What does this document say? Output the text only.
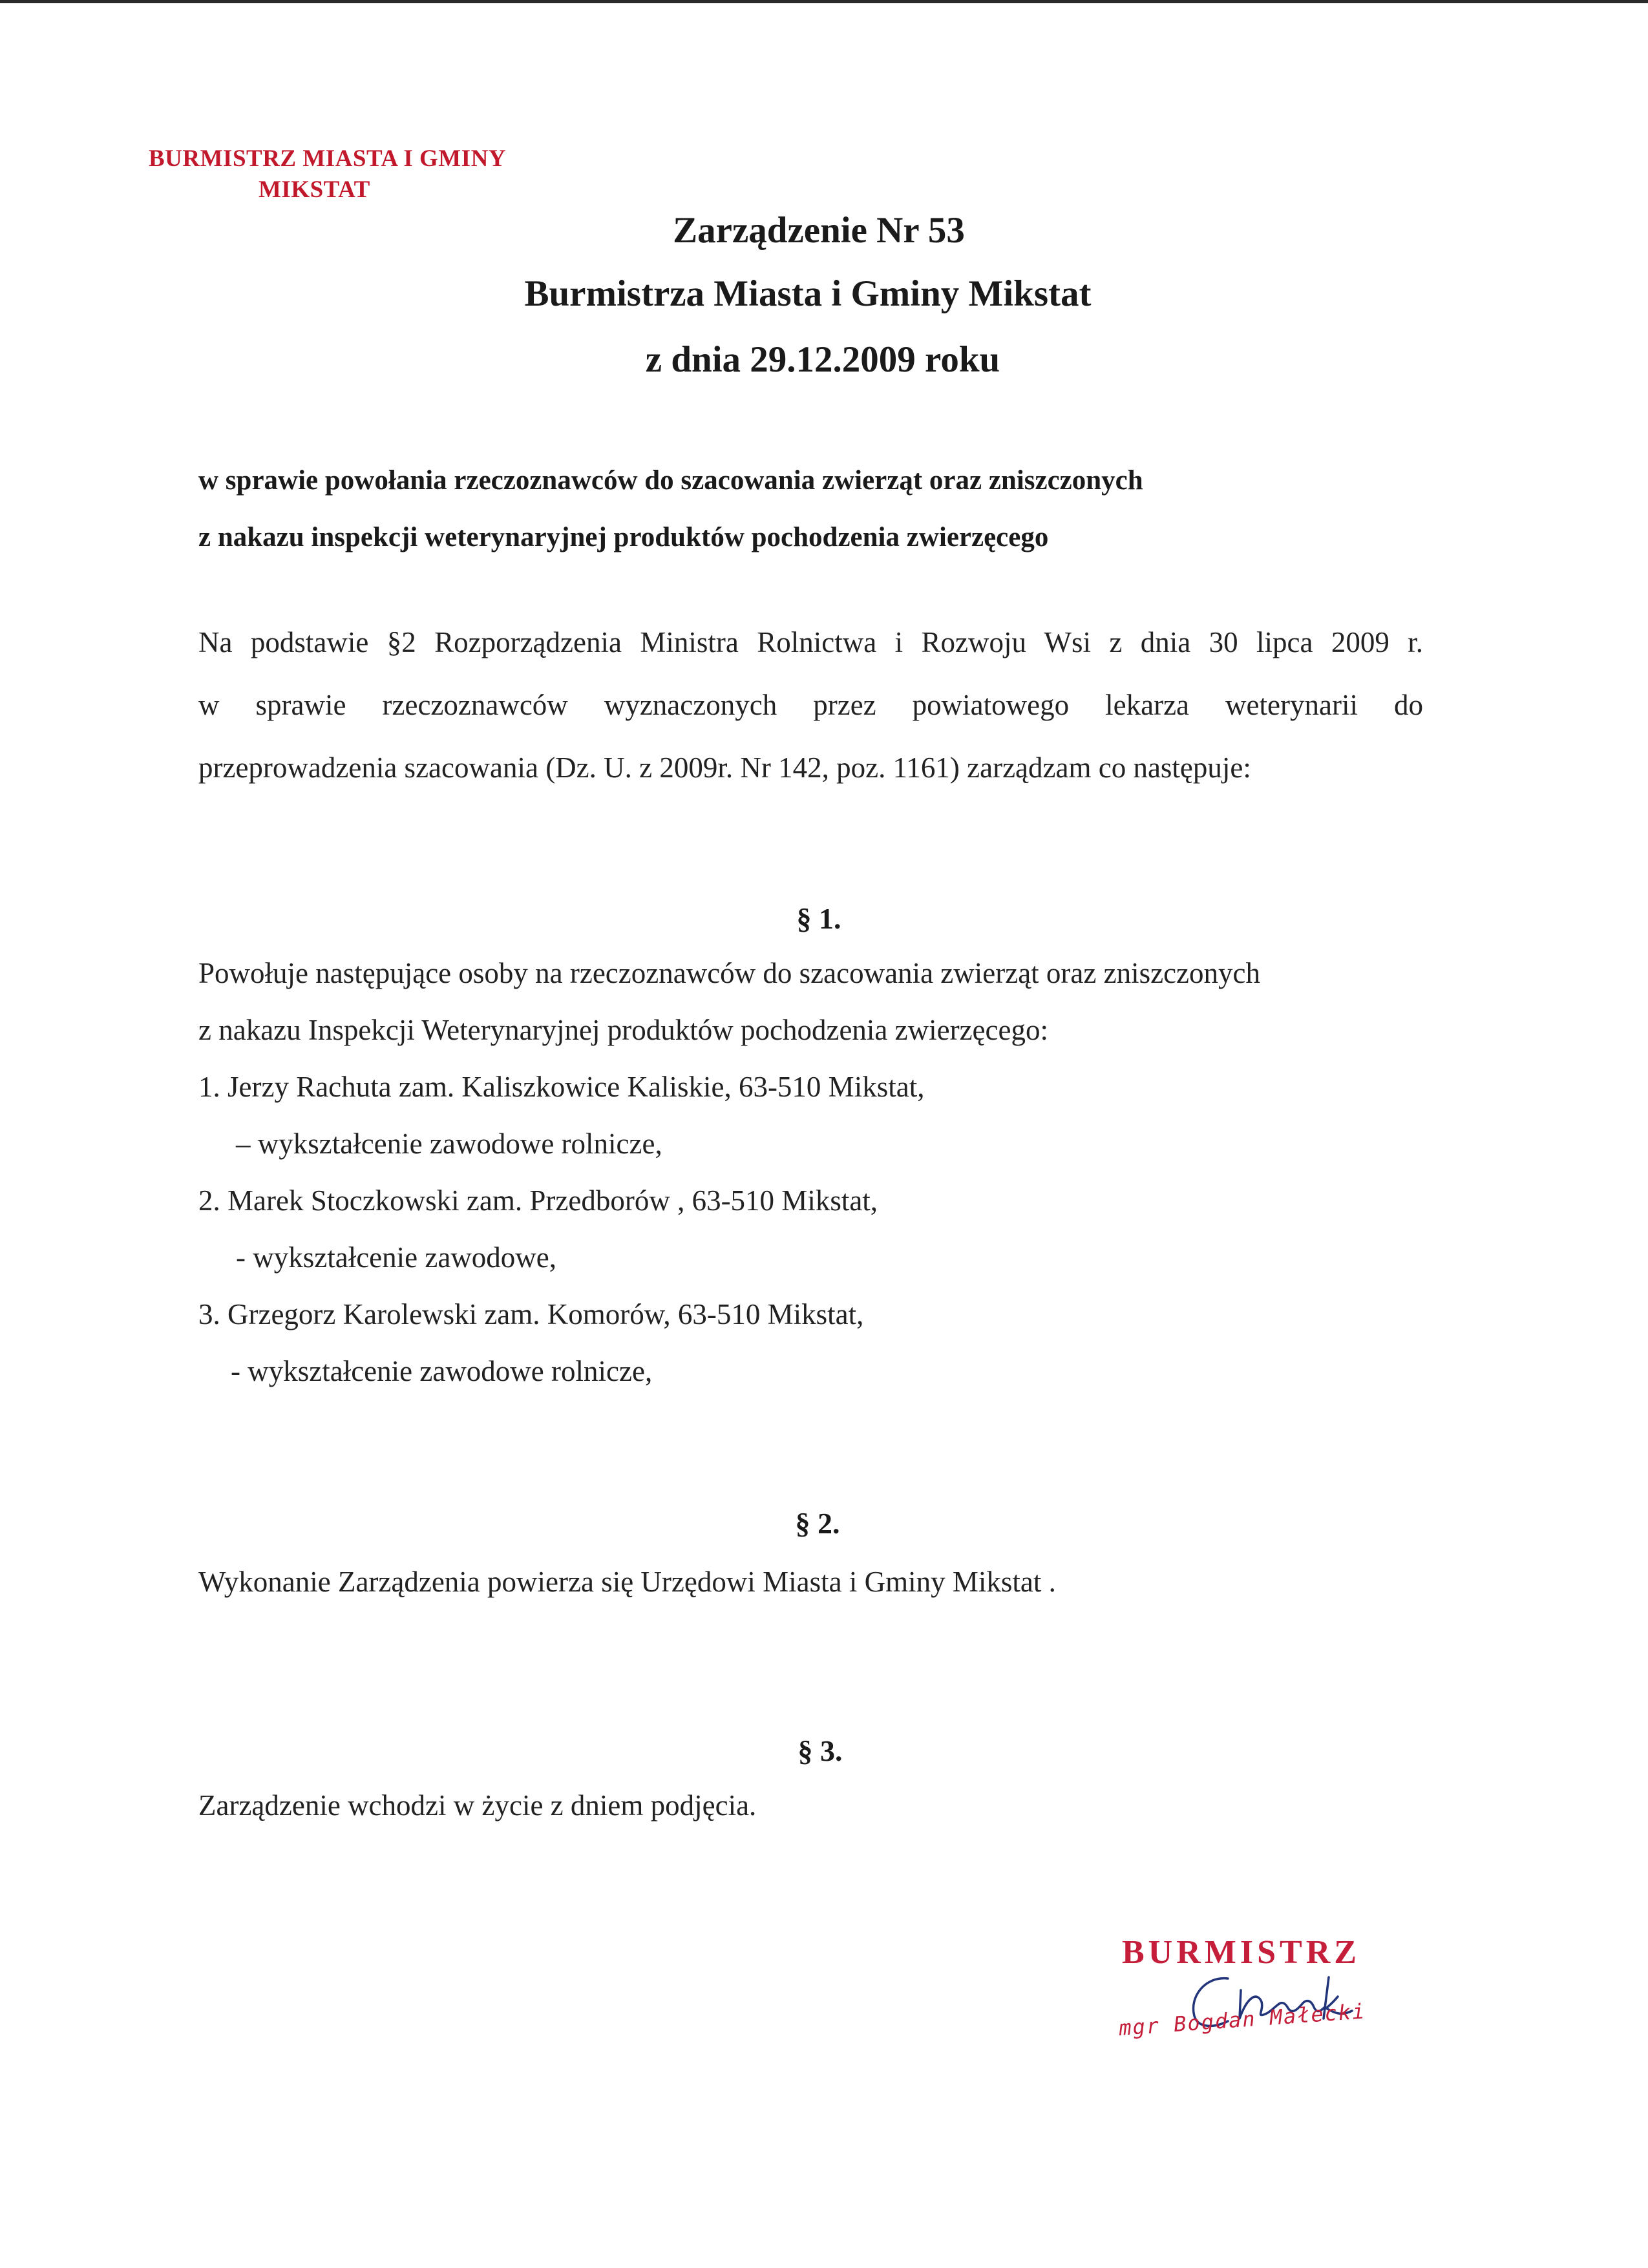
BURMISTRZ MIASTA I GMINY
MIKSTAT
Zarządzenie Nr 53
Burmistrza Miasta i Gminy Mikstat
z dnia 29.12.2009 roku
w sprawie powołania rzeczoznawców do szacowania zwierząt oraz zniszczonych
z nakazu inspekcji weterynaryjnej produktów pochodzenia zwierzęcego
Na podstawie §2 Rozporządzenia Ministra Rolnictwa i Rozwoju Wsi z dnia 30 lipca 2009 r.
w sprawie rzeczoznawców wyznaczonych przez powiatowego lekarza weterynarii do
przeprowadzenia szacowania (Dz. U. z 2009r. Nr 142, poz. 1161) zarządzam co następuje:
§ 1.
Powołuje następujące osoby na rzeczoznawców do szacowania zwierząt oraz zniszczonych
z nakazu Inspekcji Weterynaryjnej produktów pochodzenia zwierzęcego:
1. Jerzy Rachuta zam. Kaliszkowice Kaliskie, 63-510 Mikstat,
– wykształcenie zawodowe rolnicze,
2. Marek Stoczkowski zam. Przedborów , 63-510 Mikstat,
- wykształcenie zawodowe,
3. Grzegorz Karolewski zam. Komorów, 63-510 Mikstat,
- wykształcenie zawodowe rolnicze,
§ 2.
Wykonanie Zarządzenia powierza się Urzędowi Miasta i Gminy Mikstat .
§ 3.
Zarządzenie wchodzi w życie z dniem podjęcia.
BURMISTRZ
mgr Bogdan Małecki
